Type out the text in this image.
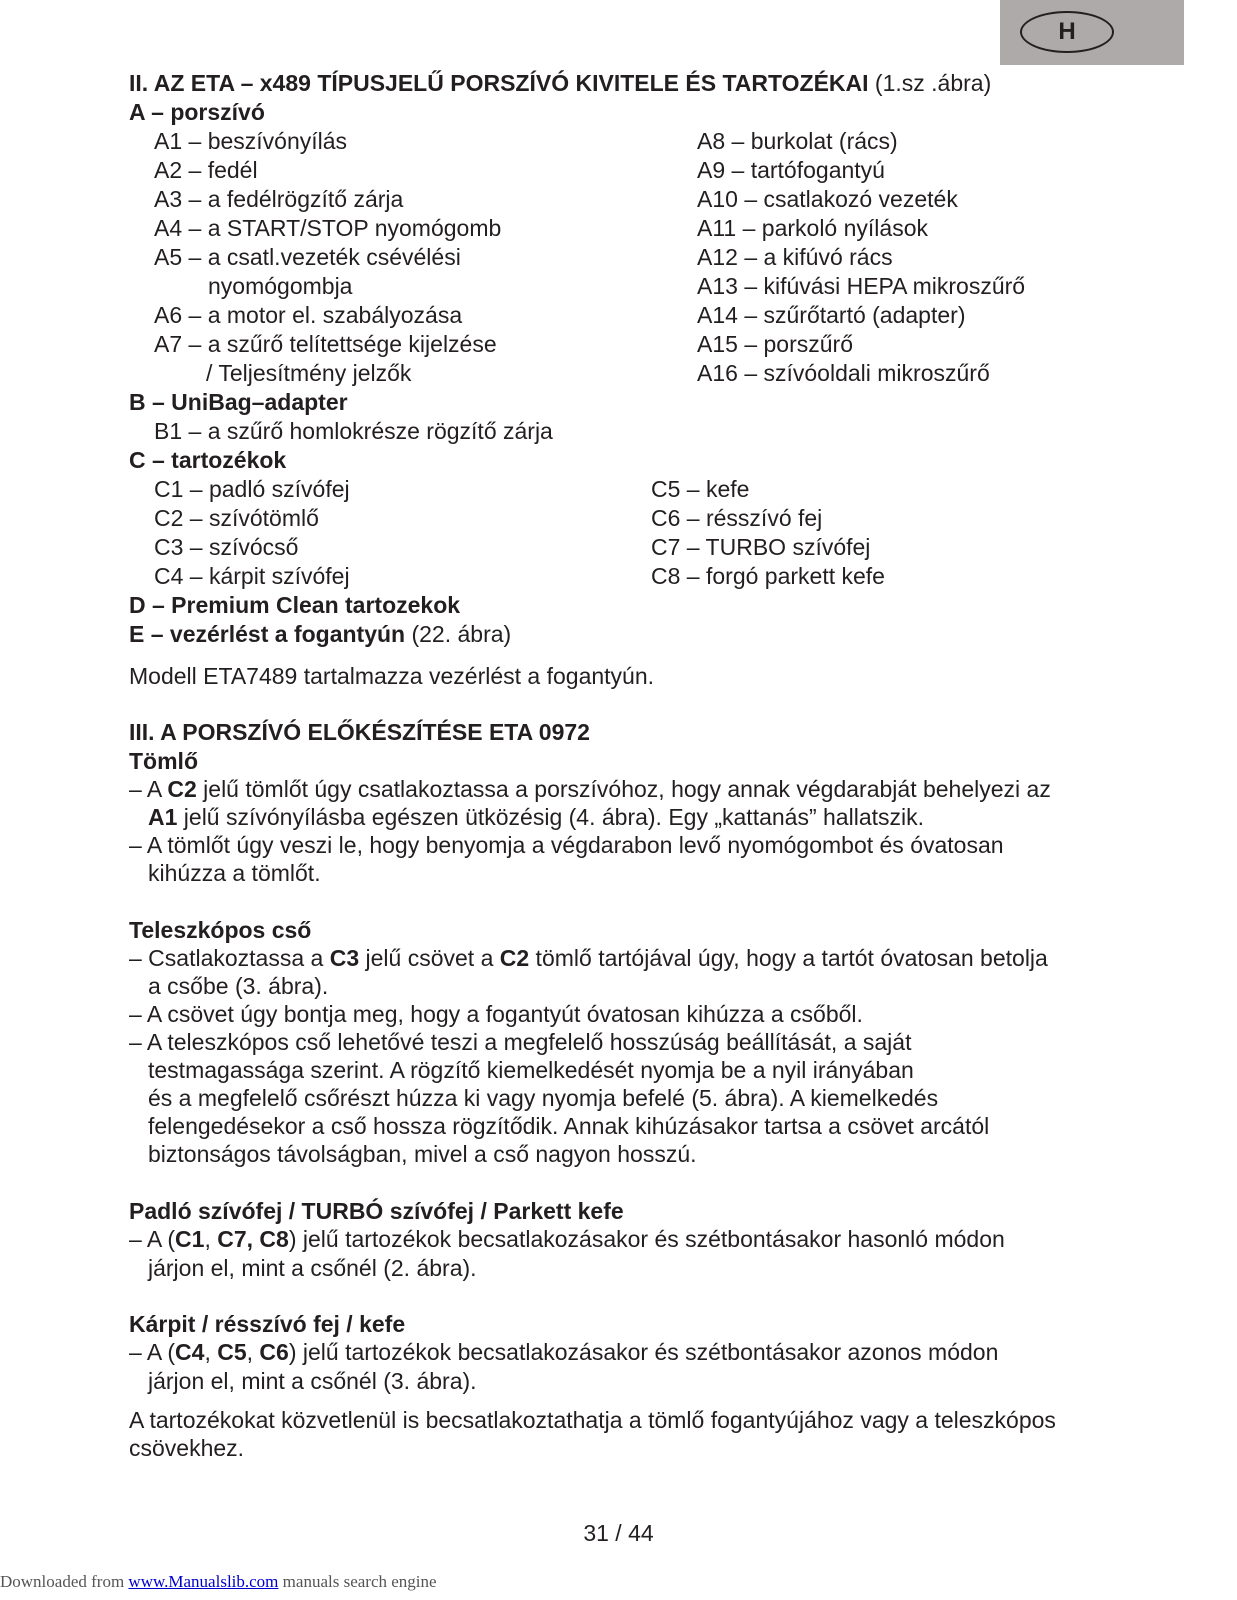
H
II. AZ ETA – x489 TÍPUSJELŰ PORSZÍVÓ KIVITELE ÉS TARTOZÉKAI (1.sz .ábra)
A – porszívó
A1 – beszívónyílás
A2 – fedél
A3 – a fedélrögzítő zárja
A4 – a START/STOP nyomógomb
A5 – a csatl.vezeték csévélési
nyomógombja
A6 – a motor el. szabályozása
A7 – a szűrő telítettsége kijelzése
/ Teljesítmény jelzők
A8 – burkolat (rács)
A9 – tartófogantyú
A10 – csatlakozó vezeték
A11 – parkoló nyílások
A12 – a kifúvó rács
A13 – kifúvási HEPA mikroszűrő
A14 – szűrőtartó (adapter)
A15 – porszűrő
A16 – szívóoldali mikroszűrő
B – UniBag–adapter
B1 – a szűrő homlokrésze rögzítő zárja
C – tartozékok
C1 – padló szívófej
C2 – szívótömlő
C3 – szívócső
C4 – kárpit szívófej
C5 – kefe
C6 – résszívó fej
C7 – TURBO szívófej
C8 – forgó parkett kefe
D – Premium Clean tartozekok
E – vezérlést a fogantyún (22. ábra)
Modell ETA7489 tartalmazza vezérlést a fogantyún.
III. A PORSZÍVÓ ELŐKÉSZÍTÉSE ETA 0972
Tömlő
– A C2 jelű tömlőt úgy csatlakoztassa a porszívóhoz, hogy annak végdarabját behelyezi az
A1 jelű szívónyílásba egészen ütközésig (4. ábra). Egy „kattanás” hallatszik.
– A tömlőt úgy veszi le, hogy benyomja a végdarabon levő nyomógombot és óvatosan
kihúzza a tömlőt.
Teleszkópos cső
– Csatlakoztassa a C3 jelű csövet a C2 tömlő tartójával úgy, hogy a tartót óvatosan betolja
a csőbe (3. ábra).
– A csövet úgy bontja meg, hogy a fogantyút óvatosan kihúzza a csőből.
– A teleszkópos cső lehetővé teszi a megfelelő hosszúság beállítását, a saját
testmagassága szerint. A rögzítő kiemelkedését nyomja be a nyil irányában
és a megfelelő csőrészt húzza ki vagy nyomja befelé (5. ábra). A kiemelkedés
felengedésekor a cső hossza rögzítődik. Annak kihúzásakor tartsa a csövet arcától
biztonságos távolságban, mivel a cső nagyon hosszú.
Padló szívófej / TURBÓ szívófej / Parkett kefe
– A (C1, C7, C8) jelű tartozékok becsatlakozásakor és szétbontásakor hasonló módon
járjon el, mint a csőnél (2. ábra).
Kárpit / résszívó fej / kefe
– A (C4, C5, C6) jelű tartozékok becsatlakozásakor és szétbontásakor azonos módon
járjon el, mint a csőnél (3. ábra).
A tartozékokat közvetlenül is becsatlakoztathatja a tömlő fogantyújához vagy a teleszkópos
csövekhez.
31 / 44
Downloaded from www.Manualslib.com manuals search engine
